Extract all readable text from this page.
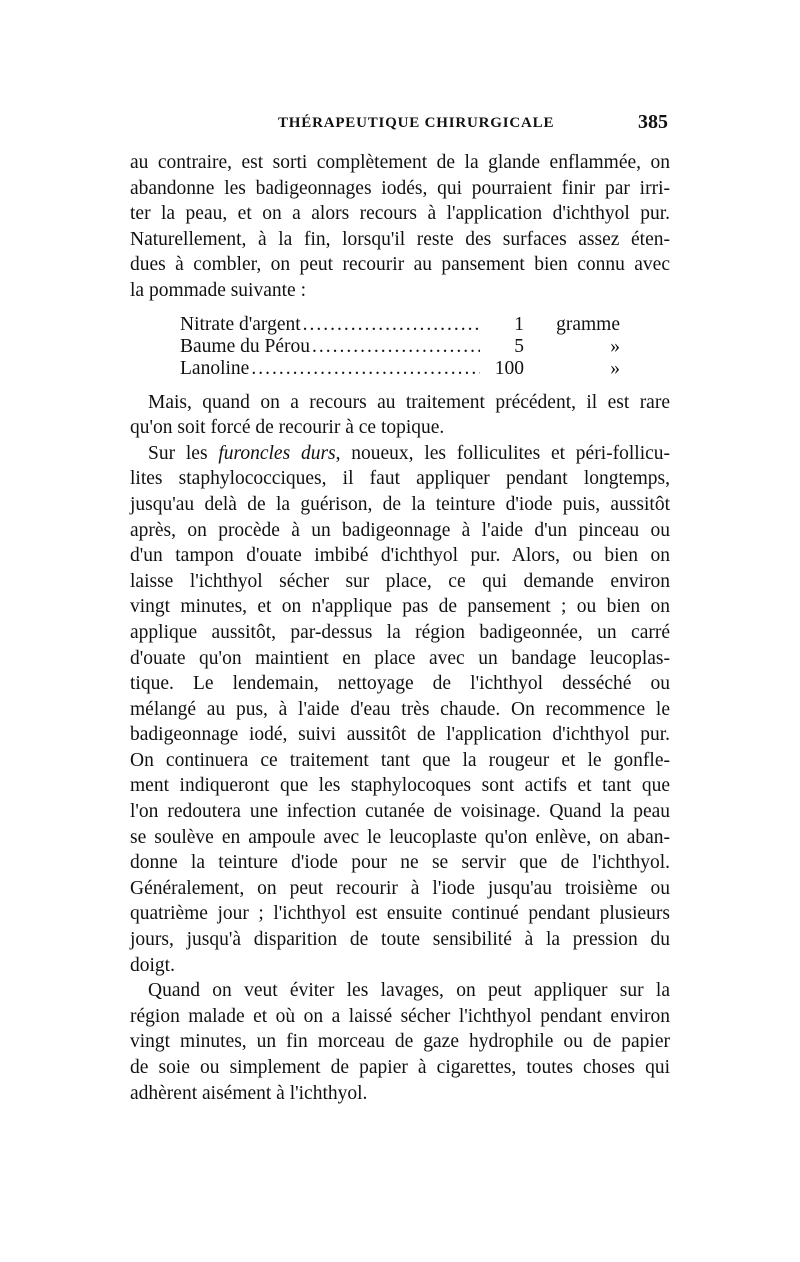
THÉRAPEUTIQUE CHIRURGICALE	385
au contraire, est sorti complètement de la glande enflammée, on
abandonne les badigeonnages iodés, qui pourraient finir par irri-
ter la peau, et on a alors recours à l'application d'ichthyol pur.
Naturellement, à la fin, lorsqu'il reste des surfaces assez éten-
dues à combler, on peut recourir au pansement bien connu avec
la pommade suivante :
Nitrate d'argent .....	1	gramme
Baume du Pérou .....	5	»
Lanoline .....	100	»
Mais, quand on a recours au traitement précédent, il est rare
qu'on soit forcé de recourir à ce topique.
Sur les furoncles durs, noueux, les folliculites et péri-follicu-
lites staphylococciques, il faut appliquer pendant longtemps,
jusqu'au delà de la guérison, de la teinture d'iode puis, aussitôt
après, on procède à un badigeonnage à l'aide d'un pinceau ou
d'un tampon d'ouate imbibé d'ichthyol pur. Alors, ou bien on
laisse l'ichthyol sécher sur place, ce qui demande environ
vingt minutes, et on n'applique pas de pansement ; ou bien on
applique aussitôt, par-dessus la région badigeonnée, un carré
d'ouate qu'on maintient en place avec un bandage leucoplas-
tique. Le lendemain, nettoyage de l'ichthyol desséché ou
mélangé au pus, à l'aide d'eau très chaude. On recommence le
badigeonnage iodé, suivi aussitôt de l'application d'ichthyol pur.
On continuera ce traitement tant que la rougeur et le gonfle-
ment indiqueront que les staphylocoques sont actifs et tant que
l'on redoutera une infection cutanée de voisinage. Quand la peau
se soulève en ampoule avec le leucoplaste qu'on enlève, on aban-
donne la teinture d'iode pour ne se servir que de l'ichthyol.
Généralement, on peut recourir à l'iode jusqu'au troisième ou
quatrième jour ; l'ichthyol est ensuite continué pendant plusieurs
jours, jusqu'à disparition de toute sensibilité à la pression du
doigt.
Quand on veut éviter les lavages, on peut appliquer sur la
région malade et où on a laissé sécher l'ichthyol pendant environ
vingt minutes, un fin morceau de gaze hydrophile ou de papier
de soie ou simplement de papier à cigarettes, toutes choses qui
adhèrent aisément à l'ichthyol.
